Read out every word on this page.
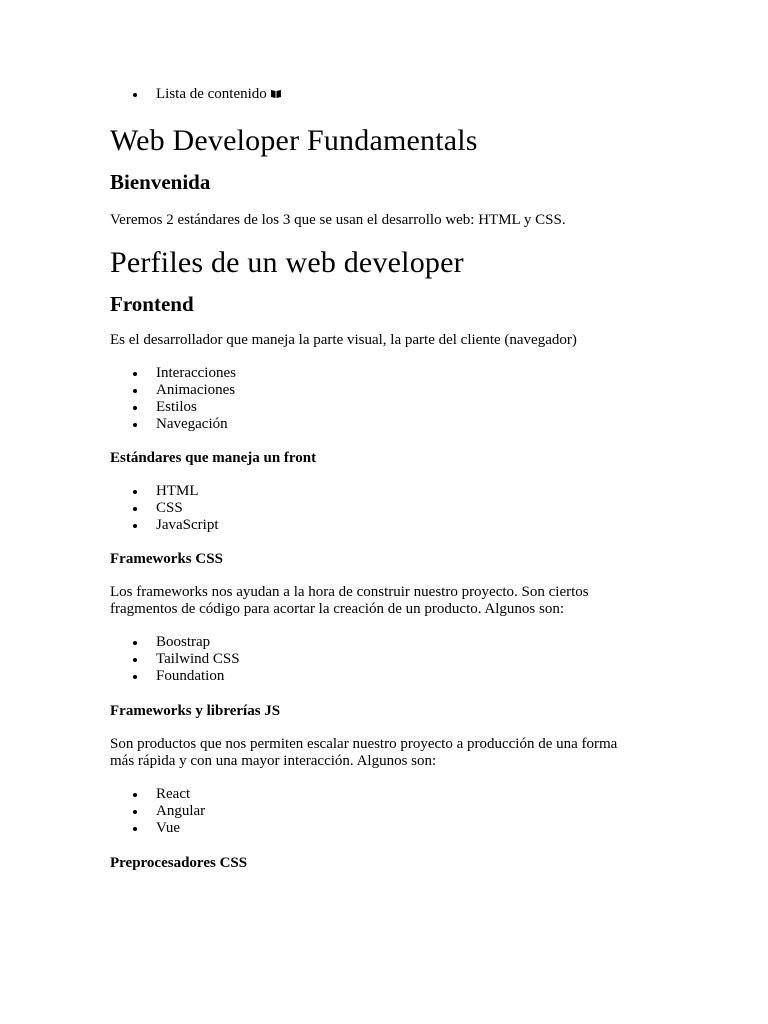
Lista de contenido
Web Developer Fundamentals
Bienvenida

Veremos 2 estándares de los 3 que se usan el desarrollo web: HTML y CSS.

Perfiles de un web developer
Frontend

Es el desarrollador que maneja la parte visual, la parte del cliente (navegador)

Interacciones
Animaciones
Estilos
Navegación
Estándares que maneja un front
HTML
CSS
JavaScript
Frameworks CSS

Los frameworks nos ayudan a la hora de construir nuestro proyecto. Son ciertos
fragmentos de código para acortar la creación de un producto. Algunos son:

Boostrap
Tailwind CSS
Foundation
Frameworks y librerías JS

Son productos que nos permiten escalar nuestro proyecto a producción de una forma
más rápida y con una mayor interacción. Algunos son:

React
Angular
Vue
Preprocesadores CSS
